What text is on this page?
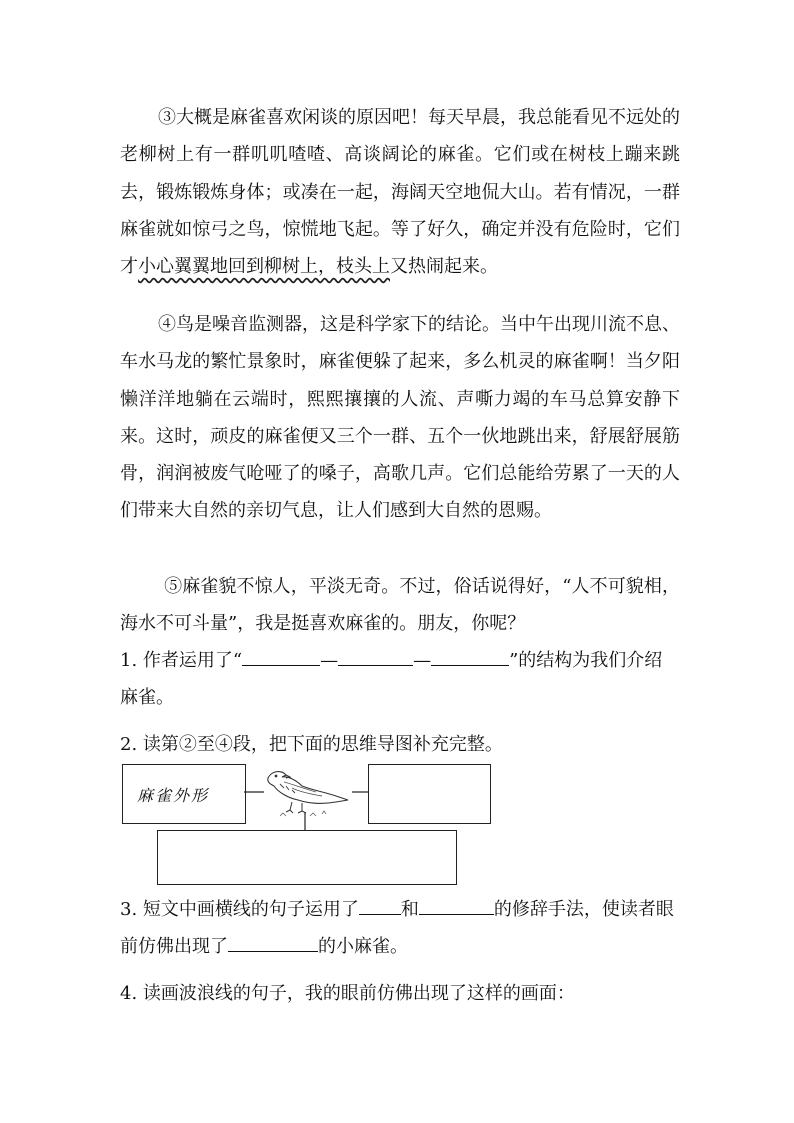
③大概是麻雀喜欢闲谈的原因吧！每天早晨，我总能看见不远处的老柳树上有一群叽叽喳喳、高谈阔论的麻雀。它们或在树枝上蹦来跳去，锻炼锻炼身体；或凑在一起，海阔天空地侃大山。若有情况，一群麻雀就如惊弓之鸟，惊慌地飞起。等了好久，确定并没有危险时，它们才小心翼翼地回到柳树上，枝头上又热闹起来。

④鸟是噪音监测器，这是科学家下的结论。当中午出现川流不息、车水马龙的繁忙景象时，麻雀便躲了起来，多么机灵的麻雀啊！当夕阳懒洋洋地躺在云端时，熙熙攘攘的人流、声嘶力竭的车马总算安静下来。这时，顽皮的麻雀便又三个一群、五个一伙地跳出来，舒展舒展筋骨，润润被废气呛哑了的嗓子，高歌几声。它们总能给劳累了一天的人们带来大自然的亲切气息，让人们感到大自然的恩赐。

⑤麻雀貌不惊人，平淡无奇。不过，俗话说得好，“人不可貌相，海水不可斗量”，我是挺喜欢麻雀的。朋友，你呢？

1. 作者运用了“	—	—	”的结构为我们介绍麻雀。

2. 读第②至④段，把下面的思维导图补充完整。

麻雀外形

3. 短文中画横线的句子运用了 和	的修辞手法，使读者眼前仿佛出现了	的小麻雀。

4. 读画波浪线的句子，我的眼前仿佛出现了这样的画面：
